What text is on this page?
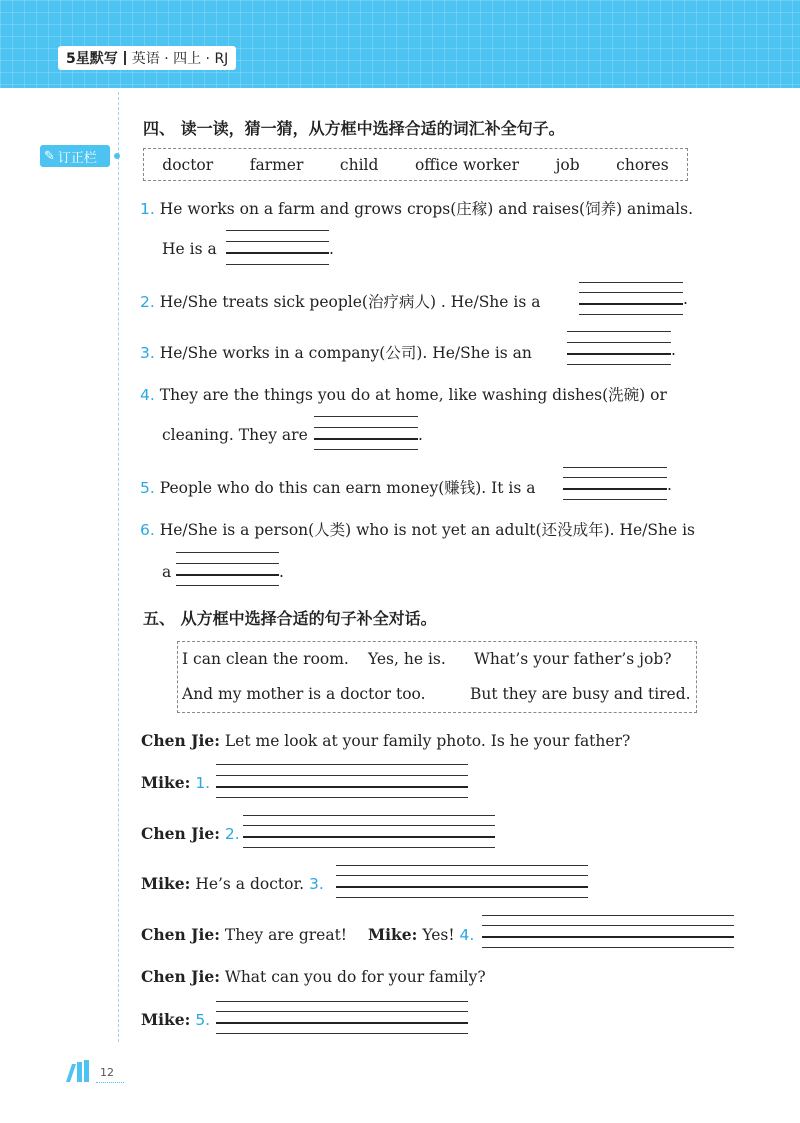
5星默写 英语 · 四上 · RJ
✎ 订正栏
四、 读一读，猜一猜，从方框中选择合适的词汇补全句子。
doctor farmer child office worker job chores
1. He works on a farm and grows crops(庄稼) and raises(饲养) animals.
He is a	.
2. He/She treats sick people(治疗病人) . He/She is a	.
3. He/She works in a company(公司). He/She is an	.
4. They are the things you do at home, like washing dishes(洗碗) or
cleaning. They are	.
5. People who do this can earn money(赚钱). It is a	.
6. He/She is a person(人类) who is not yet an adult(还没成年). He/She is
a	.
五、 从方框中选择合适的句子补全对话。
I can clean the room. Yes, he is. What’s your father’s job?
And my mother is a doctor too.	But they are busy and tired.
Chen Jie: Let me look at your family photo. Is he your father?
Mike: 1.
Chen Jie: 2.
Mike: He’s a doctor. 3.
Chen Jie: They are great! Mike: Yes! 4.
Chen Jie: What can you do for your family?
Mike: 5.
12
